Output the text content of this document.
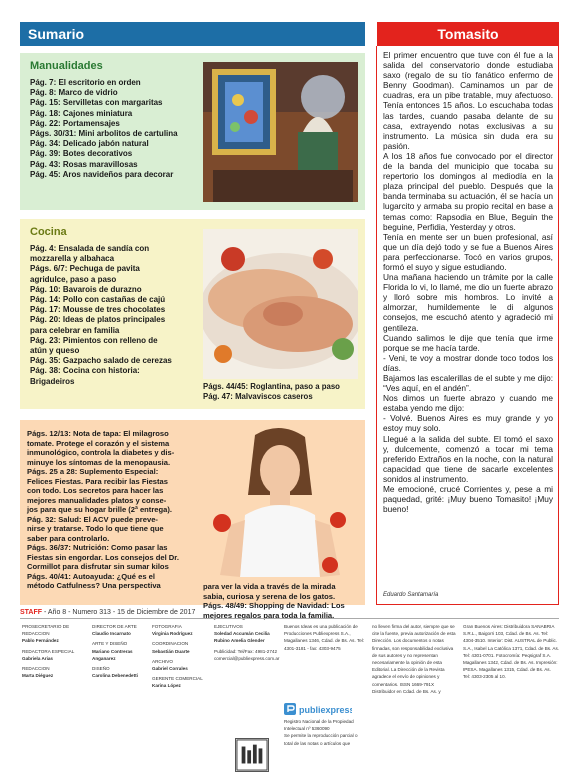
Sumario
Manualidades
Pág. 7: El escritorio en orden
Pág. 8: Marco de vidrio
Pág. 15: Servilletas con margaritas
Pág. 18: Cajones miniatura
Pág. 22: Portamensajes
Págs. 30/31: Mini arbolitos de cartulina
Pág. 34: Delicado jabón natural
Pág. 39: Botes decorativos
Pág. 43: Rosas maravillosas
Pág. 45: Aros navideños para decorar
Cocina
Pág. 4: Ensalada de sandía con
mozzarella y albahaca
Págs. 6/7: Pechuga de pavita
agridulce, paso a paso
Pág. 10: Bavarois de durazno
Pág. 14: Pollo con castañas de cajú
Pág. 17: Mousse de tres chocolates
Pág. 20: Ideas de platos principales
para celebrar en familia
Pág. 23: Pimientos con relleno de
atún y queso
Pág. 35: Gazpacho salado de cerezas
Pág. 38: Cocina con historia:
Brigadeiros
Págs. 44/45: Roglantina, paso a paso
Pág. 47: Malvaviscos caseros
Págs. 12/13: Nota de tapa: El milagroso
tomate. Protege el corazón y el sistema
inmunológico, controla la diabetes y dis-
minuye los síntomas de la menopausia.
Págs. 25 a 28: Suplemento Especial:
Felices Fiestas. Para recibir las Fiestas
con todo. Los secretos para hacer las
mejores manualidades platos y conse-
jos para que su hogar brille (2ª entrega).
Pág. 32: Salud: El ACV puede preve-
nirse y tratarse. Todo lo que tiene que
saber para controlarlo.
Págs. 36/37: Nutrición: Como pasar las
Fiestas sin engordar. Los consejos del Dr.
Cormillot para disfrutar sin sumar kilos
Págs. 40/41: Autoayuda: ¿Qué es el
método Catfulness? Una perspectiva	para ver la vida a través de la mirada
sabia, curiosa y serena de los gatos.
Págs. 48/49: Shopping de Navidad: Los
mejores regalos para toda la familia.
Tomasito

El primer encuentro que tuve con él fue a la salida del conservatorio donde estudiaba saxo (regalo de su tío fanático enfermo de Benny Goodman). Caminamos un par de cuadras, era un pibe tratable, muy afectuoso. Tenía entonces 15 años. Lo escuchaba todas las tardes, cuando pasaba delante de su casa, extrayendo notas exclusivas a su instrumento. La música sin duda era su pasión.

A los 18 años fue convocado por el director de la banda del municipio que tocaba su repertorio los domingos al mediodía en la plaza principal del pueblo. Después que la banda terminaba su actuación, él se hacía un lugarcito y armaba su propio recital en base a temas como: Rapsodia en Blue, Beguin the beguine, Perfidia, Yesterday y otros.

Tenía en mente ser un buen profesional, así que un día dejó todo y se fue a Buenos Aires para perfeccionarse. Tocó en varios grupos, formó el suyo y sigue estudiando.

Una mañana haciendo un trámite por la calle Florida lo vi, lo llamé, me dio un fuerte abrazo y lloró sobre mis hombros. Lo invité a almorzar, humildemente le di algunos consejos, me escuchó atento y agradeció mi gentileza.

Cuando salimos le dije que tenía que irme porque se me hacía tarde.

- Veni, te voy a mostrar donde toco todos los días.

Bajamos las escalerillas de el subte y me dijo: “Ves aquí, en el andén”.

Nos dimos un fuerte abrazo y cuando me estaba yendo me dijo:

- Volvé. Buenos Aires es muy grande y yo estoy muy solo.

Llegué a la salida del subte. El tomó el saxo y, dulcemente, comenzó a tocar mi tema preferido Extraños en la noche, con la natural capacidad que tiene de sacarle excelentes sonidos al instrumento.

Me emocioné, crucé Corrientes y, pese a mi paquedad, grité: ¡Muy bueno Tomasito! ¡Muy bueno!

Eduardo Santamaría
STAFF - Año 8 - Numero 313 - 15 de Diciembre de 2017
PROSECRETARIO DE REDACCION
Pablo Fernández
REDACTORA ESPECIAL
Gabriela Arias
REDACCION
Marta Diéguez
DIRECTOR DE ARTE
Claudio Incarnato
ARTE Y DISEÑO
Mariano Contreras Anganarez
DISEÑO
Carolina Debenedetti
FOTOGRAFIA
Virginia Rodríguez
COORDINACION
Sebastián Duarte
ARCHIVO
Gabriel Corrales
GERENTE COMERCIAL
Karina López
EJECUTIVOS
Soledad Accumán Cecilia Rubino Amelia Glender
Publicidad: Tel/Fax: 4981-2742
comercial@publiexpress.com.ar
Buenos Ideas es una publicación de Producciones Publiexpress S.A., Magallanes 1346, Cdad. de Bs. As. Tel: 4301-3181 - fax: 4303-9475
publiexpress
Registro Nacional de la Propiedad Intelectual nº 5360090
Se permite la reproducción parcial o total de las notas o artículos que
no lleven firma del autor, siempre que se cite la fuente, previa autorización de esta Dirección. Los documentos o notas firmadas, son responsabilidad exclusiva de sus autores y no representan necesariamente la opinión de esta Editorial. La Dirección de la Revista agradece el envío de opiniones y comentarios. ISSN 1669-791X Distribuidor en Cdad. de Bs. As. y
Gran Buenos Aires: Distribuidora SANABRIA S.R.L., Baigorri 103, Cdad. de Bs. As. Tel: 4304-3510. Interior: Dist. AUSTRAL de Public. S.A., Isabel La Católica 1371, Cdad. de Bs. As. Tel: 4301-0701. Fotocromía: Peqsigraf S.A. Magallanes 1342, Cdad. de Bs. As. Impresión: IPESA. Magallanes 1315, Cdad. de Bs. As. Tel: 4303-2305 al 10.
